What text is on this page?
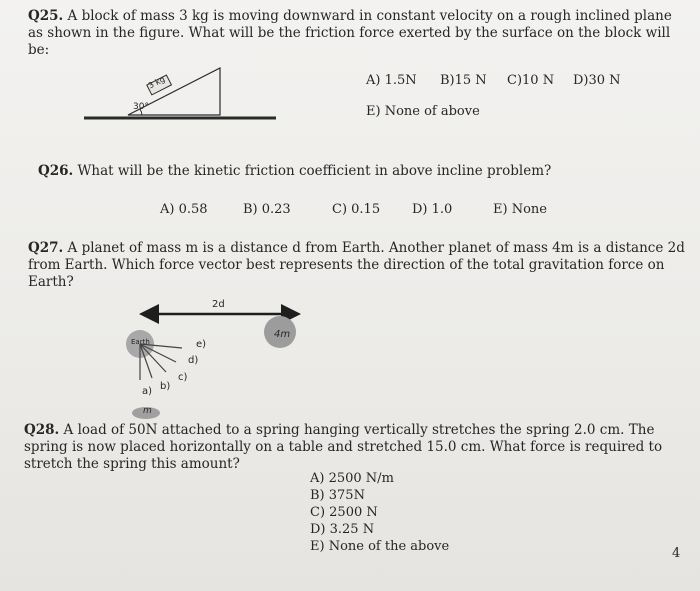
Q25. A block of mass 3 kg is moving downward in constant velocity on a rough inclined plane as shown in the figure. What will be the friction force exerted by the surface on the block will be:
3 kg
30°
A) 1.5N B)15 N C)10 N D)30 N
E) None of above
Q26. What will be the kinetic friction coefficient in above incline problem?
A) 0.58	B) 0.23	C) 0.15 D) 1.0	E) None
Q27. A planet of mass m is a distance d from Earth. Another planet of mass 4m is a distance 2d from Earth. Which force vector best represents the direction of the total gravitation force on Earth?
2d
Earth
4m
m
a) b)
c)
d)
e)
Q28. A load of 50N attached to a spring hanging vertically stretches the spring 2.0 cm. The spring is now placed horizontally on a table and stretched 15.0 cm. What force is required to stretch the spring this amount?
A) 2500 N/m
B) 375N
C) 2500 N
D) 3.25 N
E) None of the above	4
